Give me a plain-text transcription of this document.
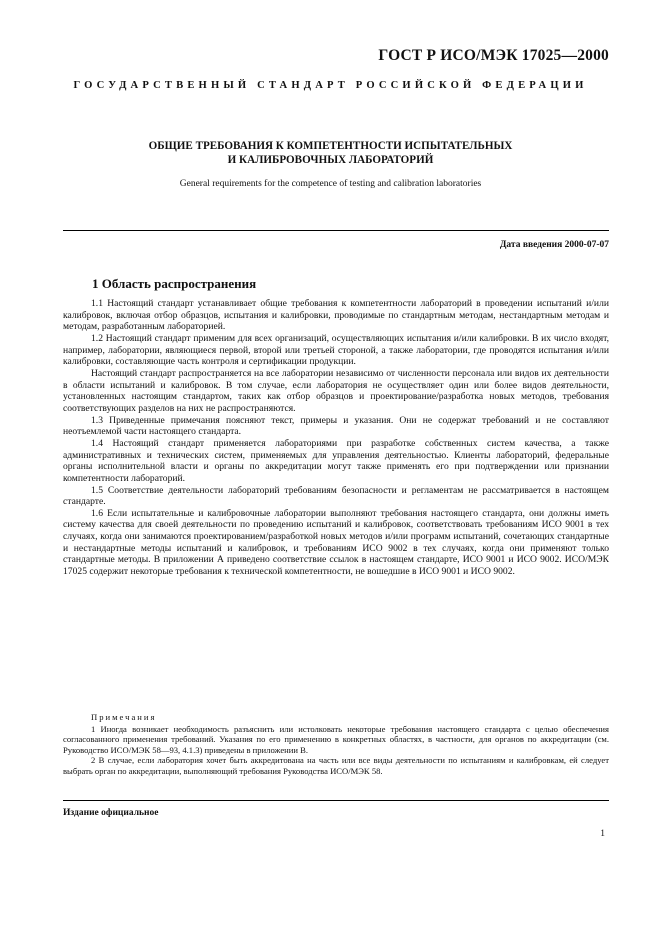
ГОСТ Р ИСО/МЭК 17025—2000
ГОСУДАРСТВЕННЫЙ СТАНДАРТ РОССИЙСКОЙ ФЕДЕРАЦИИ
ОБЩИЕ ТРЕБОВАНИЯ К КОМПЕТЕНТНОСТИ ИСПЫТАТЕЛЬНЫХ
И КАЛИБРОВОЧНЫХ ЛАБОРАТОРИЙ
General requirements for the competence of testing and calibration laboratories
Дата введения 2000-07-07
1 Область распространения

1.1 Настоящий стандарт устанавливает общие требования к компетентности лабораторий в проведении испытаний и/или калибровок, включая отбор образцов, испытания и калибровки, проводимые по стандартным методам, нестандартным методам и методам, разработанным лабораторией.

1.2 Настоящий стандарт применим для всех организаций, осуществляющих испытания и/или калибровки. В их число входят, например, лаборатории, являющиеся первой, второй или третьей стороной, а также лаборатории, где проводятся испытания и/или калибровки, составляющие часть контроля и сертификации продукции.

Настоящий стандарт распространяется на все лаборатории независимо от численности персонала или видов их деятельности в области испытаний и калибровок. В том случае, если лаборатория не осуществляет один или более видов деятельности, установленных настоящим стандартом, таких как отбор образцов и проектирование/разработка новых методов, требования соответствующих разделов на них не распространяются.

1.3 Приведенные примечания поясняют текст, примеры и указания. Они не содержат требований и не составляют неотъемлемой части настоящего стандарта.

1.4 Настоящий стандарт применяется лабораториями при разработке собственных систем качества, а также административных и технических систем, применяемых для управления деятельностью. Клиенты лабораторий, федеральные органы исполнительной власти и органы по аккредитации могут также применять его при подтверждении или признании компетентности лабораторий.

1.5 Соответствие деятельности лабораторий требованиям безопасности и регламентам не рассматривается в настоящем стандарте.

1.6 Если испытательные и калибровочные лаборатории выполняют требования настоящего стандарта, они должны иметь систему качества для своей деятельности по проведению испытаний и калибровок, соответствовать требованиям ИСО 9001 в тех случаях, когда они занимаются проектированием/разработкой новых методов и/или программ испытаний, сочетающих стандартные и нестандартные методы испытаний и калибровок, и требованиям ИСО 9002 в тех случаях, когда они применяют только стандартные методы. В приложении А приведено соответствие ссылок в настоящем стандарте, ИСО 9001 и ИСО 9002. ИСО/МЭК 17025 содержит некоторые требования к технической компетентности, не вошедшие в ИСО 9001 и ИСО 9002.

Примечания

1 Иногда возникает необходимость разъяснить или истолковать некоторые требования настоящего стандарта с целью обеспечения согласованного применения требований. Указания по его применению в конкретных областях, в частности, для органов по аккредитации (см. Руководство ИСО/МЭК 58—93, 4.1.3) приведены в приложении В.

2 В случае, если лаборатория хочет быть аккредитована на часть или все виды деятельности по испытаниям и калибровкам, ей следует выбрать орган по аккредитации, выполняющий требования Руководства ИСО/МЭК 58.

Издание официальное
1
